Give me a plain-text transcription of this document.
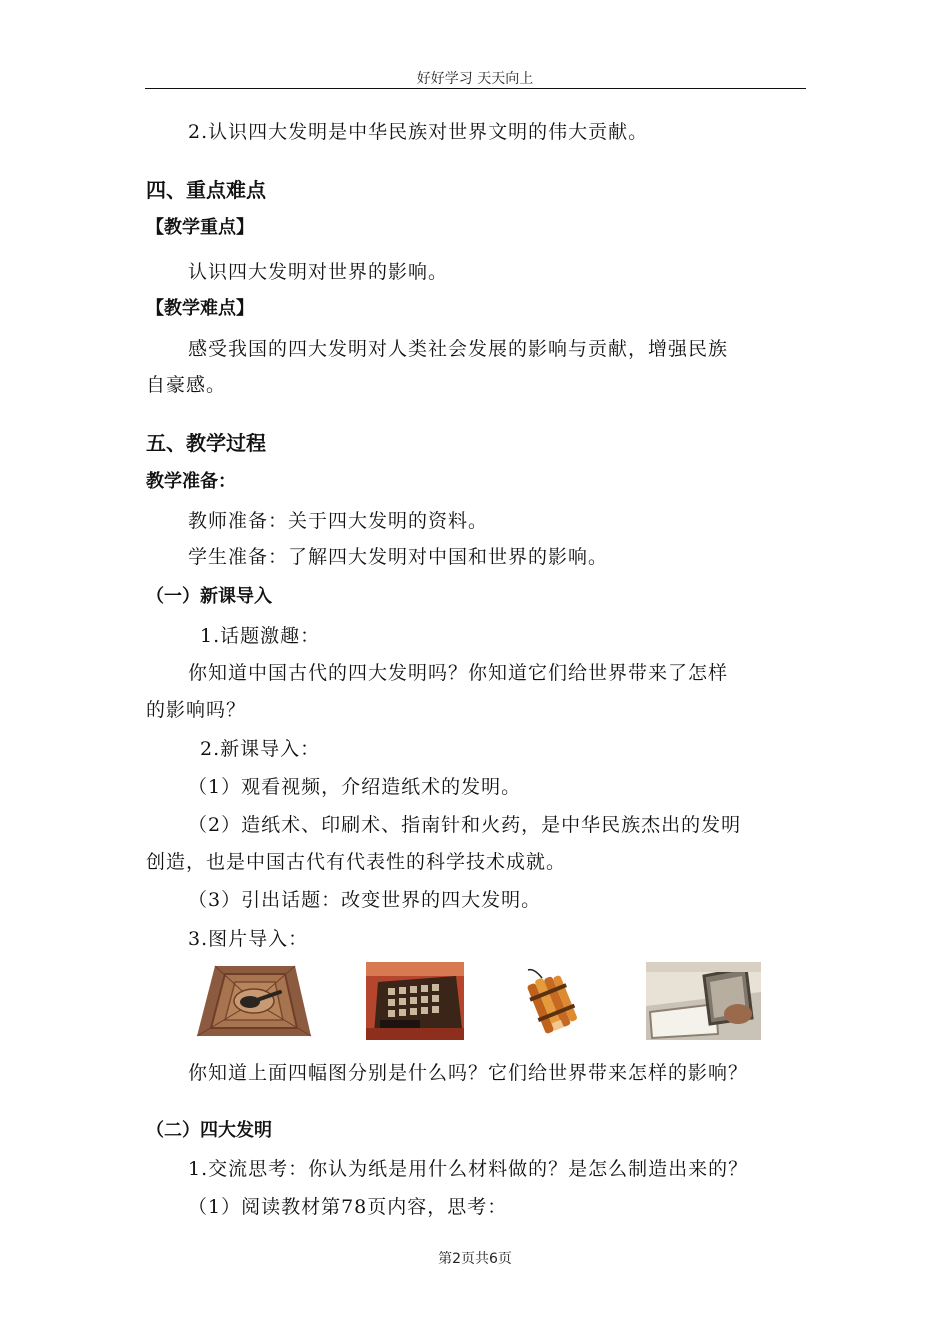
好好学习 天天向上
2.认识四大发明是中华民族对世界文明的伟大贡献。
四、重点难点
【教学重点】
认识四大发明对世界的影响。
【教学难点】
感受我国的四大发明对人类社会发展的影响与贡献，增强民族
自豪感。
五、教学过程
教学准备：
教师准备：关于四大发明的资料。
学生准备：了解四大发明对中国和世界的影响。
（一）新课导入
1.话题激趣：
你知道中国古代的四大发明吗？你知道它们给世界带来了怎样
的影响吗？
2.新课导入：
（1）观看视频，介绍造纸术的发明。
（2）造纸术、印刷术、指南针和火药，是中华民族杰出的发明
创造，也是中国古代有代表性的科学技术成就。
（3）引出话题：改变世界的四大发明。
3.图片导入：
你知道上面四幅图分别是什么吗？它们给世界带来怎样的影响？
（二）四大发明
1.交流思考：你认为纸是用什么材料做的？是怎么制造出来的？
（1）阅读教材第78页内容，思考：
第2页共6页
